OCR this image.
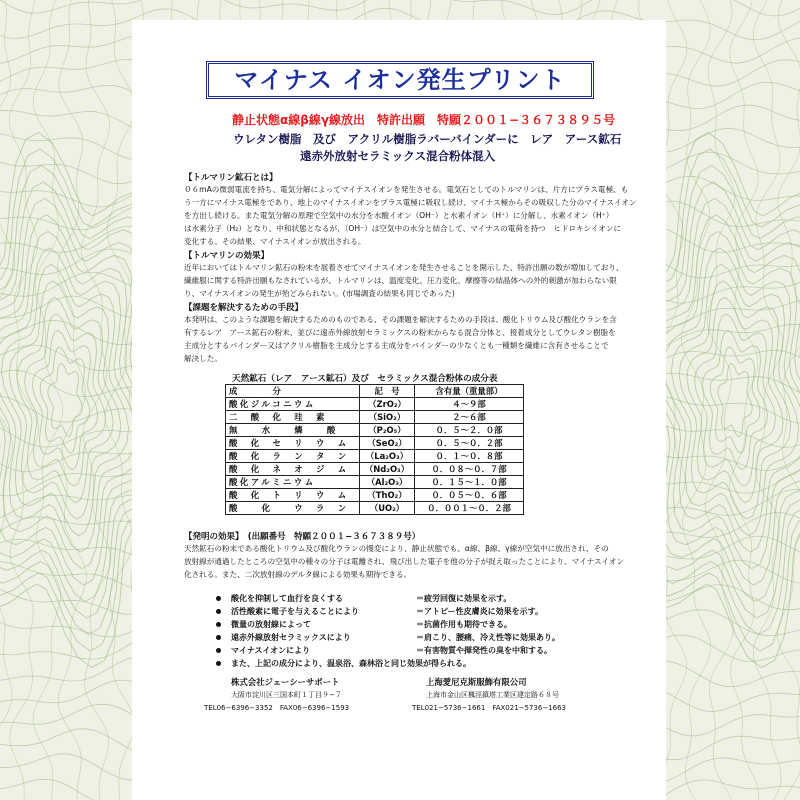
マイナス イオン発生プリント
静止状態α線β線γ線放出　特許出願　特願２００１−３６７３８９５号
ウレタン樹脂　及び　アクリル樹脂ラバーバインダーに　レア　アース鉱石
遠赤外放射セラミックス混合粉体混入
【トルマリン鉱石とは】
０６mAの微弱電流を持ち、電気分解によってマイナスイオンを発生させる。電気石としてのトルマリンは、片方にプラス電極、も
う一方にマイナス電極をであり、地上のマイナスイオンをプラス電極に吸収し続け、マイナス極からその吸収した分のマイナスイオン
を方出し続ける。また電気分解の原理で空気中の水分を水酸イオン（OH⁻）と水素イオン（H⁺）に分解し、水素イオン（H⁺）
は水素分子（H₂）となり、中和状態となるが、（OH⁻）は空気中の水分と結合して、マイナスの電荷を持つ　ヒドロキシイオンに
変化する。その結果、マイナスイオンが放出される。
【トルマリンの効果】
近年においてはトルマリン鉱石の粉末を展着させてマイナスイオンを発生させることを開示した、特許出願の数が増加しており、
繊維服に関する特許出願もなされているが、トルマリンは、温度変化、圧力変化、摩擦等の結晶体への外的刺激が加わらない限
り、マイナスイオンの発生が殆どみられない。(市場調査の結果も同じであった)
【課題を解決するための手段】
本発明は、このような課題を解決するためのものである、その課題を解決するための手段は、酸化トリウム及び酸化ウランを含
有するレア　アース鉱石の粉末、並びに遠赤外線放射セラミックスの粉末からなる混合分体と、接着成分としてウレタン樹脂を
主成分とするバインダー又はアクリル樹脂を主成分とする主成分をバインダーの少なくとも一種類を繊維に含有させることで
解決した。
天然鉱石（レア　アース鉱石）及び　セラミックス混合粉体の成分表
成　　　分	記　号	含有量（重量部）
酸化ジルコニウム	（ZrO₂）	４〜９部
二　酸　化　珪　素	（SiO₂）	２〜６部
無　　水　　燐　　酸	（P₂O₅）	０．５〜２．０部
酸　化　セ　リ　ウ　ム	（SeO₂）	０．５〜０．２部
酸　化　ラ　ン　タ　ン	（La₂O₃）	０．１〜０．８部
酸　化　ネ　オ　ジ　ム	（Nd₂O₃）	０．０８〜０．７部
酸化アルミニウム	（Al₂O₃）	０．１５〜１．０部
酸　化　ト　リ　ウ　ム	（ThO₂）	０．０５〜０．６部
酸　　化　　ウ　ラ　ン	（UO₂）	０．００１〜０．２部
【発明の効果】　(出願番号　特願２００１−３６７３８９号）
天然鉱石の粉末である酸化トリウム及び酸化ウランの慢変により、静止状態でも、α線、β線、γ線が空気中に放出され、その
放射線が通過したところの空気中の種々の分子は電離され、飛び出した電子を他の分子が捉え取ったことにより、マイナスイオン
化される。また、二次放射線のデルタ線による効果も期待できる。
酸化を抑制して血行を良くする	＝疲労回復に効果を示す。
活性酸素に電子を与えることにより	＝アトピー性皮膚炎に効果を示す。
微量の放射線によって	＝抗菌作用も期待できる。
遠赤外線放射セラミックスにより	＝肩こり、腰痛、冷え性等に効果あり。
マイナスイオンにより	＝有害物質や揮発性の臭を中和する。
また、上記の成分により、温泉浴、森林浴と同じ効果が得られる。
株式会社ジェーシーサポート
大阪市淀川区三国本町１丁目９−７
TEL06−6396−3352　FAX06−6396−1593
上海愛尼克斯服飾有限公司
上海市金山区楓涇鎮塔工業区建定路６８号
TEL021−5736−1661　FAX021−5736−1663
